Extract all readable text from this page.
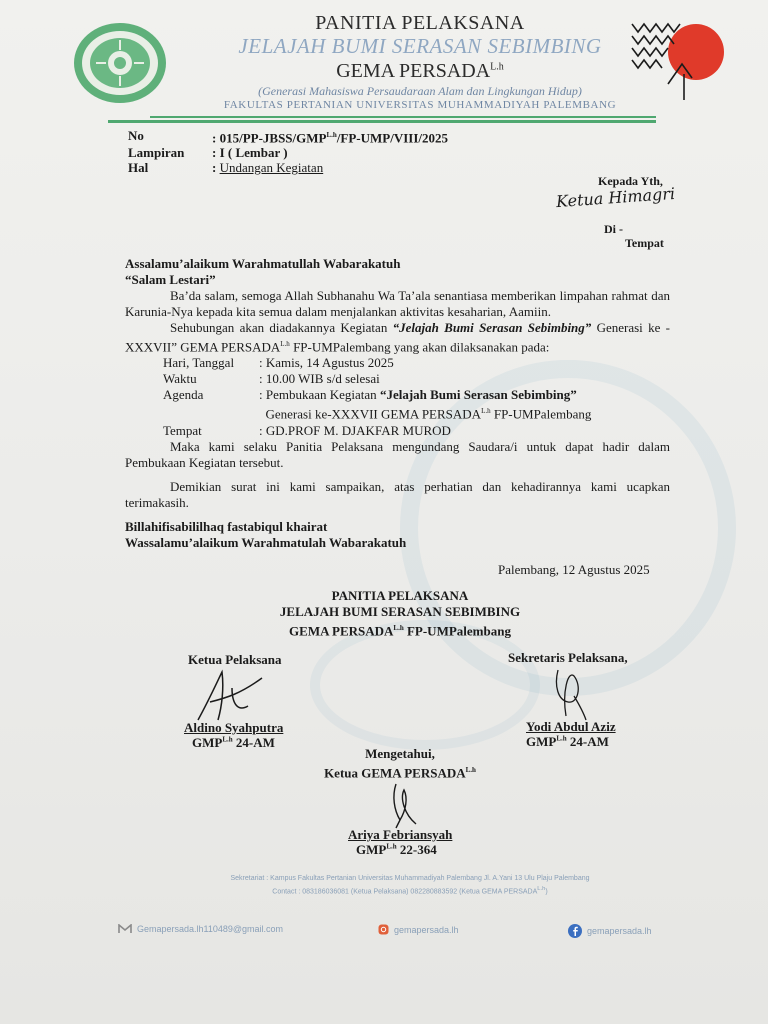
PANITIA PELAKSANA
JELAJAH BUMI SERASAN SEBIMBING
GEMA $PERSADA^{L.h}$
(Generasi Mahasiswa Persaudaraan Alam dan Lingkungan Hidup)
FAKULTAS PERTANIAN UNIVERSITAS MUHAMMADIYAH PALEMBANG
No	: $015/PP-JBSS/GMP^{L.h}/FP-UMP/VIII/2025$
Lampiran	: I ( Lembar )
Hal	: Undangan Kegiatan
Kepada Yth,
Ketua Himagri
Di -
Tempat

Assalamu’alaikum Warahmatullah Wabarakatuh

“Salam Lestari”

Ba’da salam, semoga Allah Subhanahu Wa Ta’ala senantiasa memberikan limpahan rahmat dan Karunia-Nya kepada kita semua dalam menjalankan aktivitas kesaharian, Aamiin.

Sehubungan akan diadakannya Kegiatan “Jelajah Bumi Serasan Sebimbing” Generasi ke - XXXVII” GEMA $PERSADA^{L.h}$ FP-UMPalembang yang akan dilaksanakan pada:

Hari, Tanggal	: Kamis, 14 Agustus 2025
Waktu	: 10.00 WIB s/d selesai
Agenda	: Pembukaan Kegiatan “Jelajah Bumi Serasan Sebimbing”
Generasi ke-XXXVII GEMA $PERSADA^{L.h}$ FP-UMPalembang
Tempat	: GD.PROF M. DJAKFAR MUROD

Maka kami selaku Panitia Pelaksana mengundang Saudara/i untuk dapat hadir dalam Pembukaan Kegiatan tersebut.

Demikian surat ini kami sampaikan, atas perhatian dan kehadirannya kami ucapkan terimakasih.

Billahifisabililhaq fastabiqul khairat

Wassalamu’alaikum Warahmatulah Wabarakatuh

Palembang, 12 Agustus 2025
PANITIA PELAKSANA
JELAJAH BUMI SERASAN SEBIMBING
GEMA $PERSADA^{L.h}$ FP-UMPalembang
Ketua Pelaksana	Sekretaris Pelaksana,
Aldino Syahputra
$GMP^{L.h}$ 24-AM
Yodi Abdul Aziz
$GMP^{L.h}$ 24-AM
Mengetahui,
Ketua GEMA $PERSADA^{L.h}$
Ariya Febriansyah
$GMP^{L.h}$ 22-364
Sekretariat : Kampus Fakultas Pertanian Universitas Muhammadiyah Palembang Jl. A.Yani 13 Ulu Plaju Palembang
Contact : 083186036081 (Ketua Pelaksana) 082280883592 (Ketua GEMA $PERSADA^{L.h}$)
Gemapersada.lh110489@gmail.com	gemapersada.lh	gemapersada.lh
